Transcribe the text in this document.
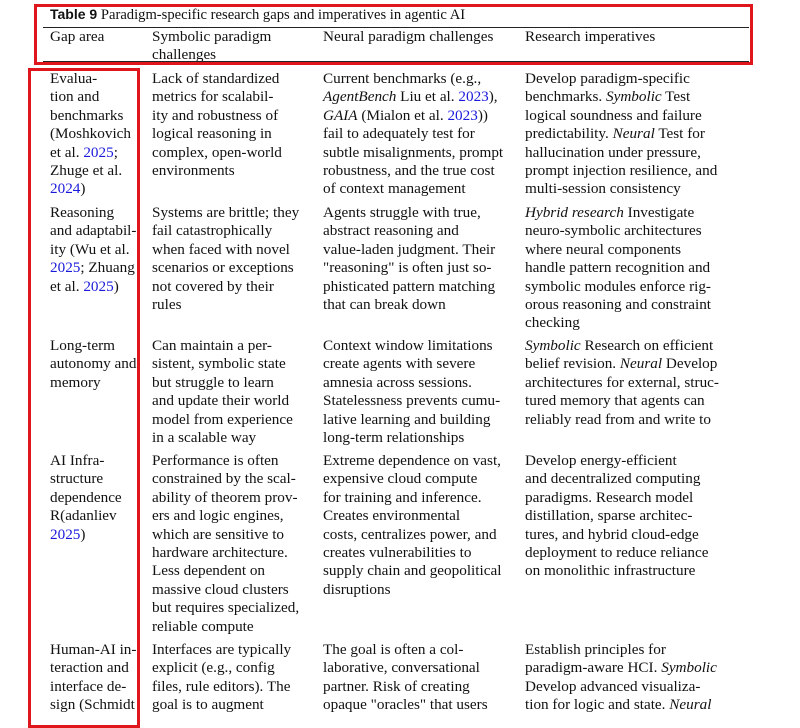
Table 9 Paradigm-specific research gaps and imperatives in agentic AI
Gap area	Symbolic paradigm
challenges
Neural paradigm challenges Research imperatives
Evalua-
tion and
benchmarks
(Moshkovich
et al. 2025;
Zhuge et al.
2024)
Lack of standardized
metrics for scalabil-
ity and robustness of
logical reasoning in
complex, open-world
environments
Current benchmarks (e.g.,
AgentBench Liu et al. 2023),
GAIA (Mialon et al. 2023))
fail to adequately test for
subtle misalignments, prompt
robustness, and the true cost
of context management
Develop paradigm-specific
benchmarks. Symbolic Test
logical soundness and failure
predictability. Neural Test for
hallucination under pressure,
prompt injection resilience, and
multi-session consistency
Reasoning
and adaptabil-
ity (Wu et al.
2025; Zhuang
et al. 2025)
Systems are brittle; they
fail catastrophically
when faced with novel
scenarios or exceptions
not covered by their
rules
Agents struggle with true,
abstract reasoning and
value-laden judgment. Their
"reasoning" is often just so-
phisticated pattern matching
that can break down
Hybrid research Investigate
neuro-symbolic architectures
where neural components
handle pattern recognition and
symbolic modules enforce rig-
orous reasoning and constraint
checking
Long-term
autonomy and
memory
Can maintain a per-
sistent, symbolic state
but struggle to learn
and update their world
model from experience
in a scalable way
Context window limitations
create agents with severe
amnesia across sessions.
Statelessness prevents cumu-
lative learning and building
long-term relationships
Symbolic Research on efficient
belief revision. Neural Develop
architectures for external, struc-
tured memory that agents can
reliably read from and write to
AI Infra-
structure
dependence
R(adanliev
2025)
Performance is often
constrained by the scal-
ability of theorem prov-
ers and logic engines,
which are sensitive to
hardware architecture.
Less dependent on
massive cloud clusters
but requires specialized,
reliable compute
Extreme dependence on vast,
expensive cloud compute
for training and inference.
Creates environmental
costs, centralizes power, and
creates vulnerabilities to
supply chain and geopolitical
disruptions
Develop energy-efficient
and decentralized computing
paradigms. Research model
distillation, sparse architec-
tures, and hybrid cloud-edge
deployment to reduce reliance
on monolithic infrastructure
Human-AI in-
teraction and
interface de-
sign (Schmidt
Interfaces are typically
explicit (e.g., config
files, rule editors). The
goal is to augment
The goal is often a col-
laborative, conversational
partner. Risk of creating
opaque "oracles" that users
Establish principles for
paradigm-aware HCI. Symbolic
Develop advanced visualiza-
tion for logic and state. Neural
